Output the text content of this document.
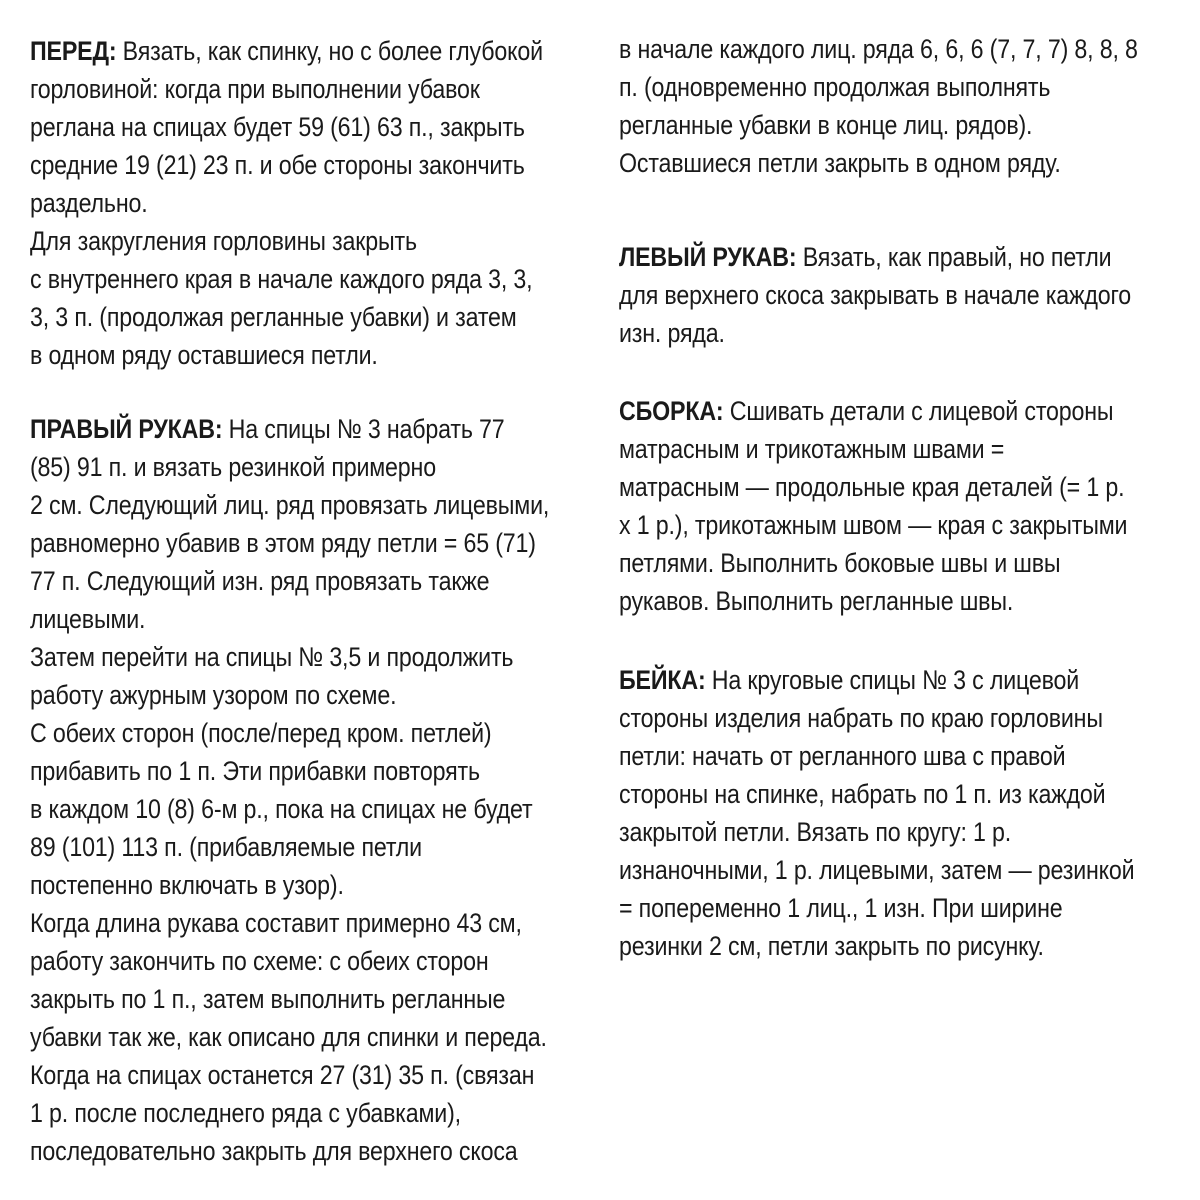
ПЕРЕД: Вязать, как спинку, но с более глубокой
горловиной: когда при выполнении убавок
реглана на спицах будет 59 (61) 63 п., закрыть
средние 19 (21) 23 п. и обе стороны закончить
раздельно.
Для закругления горловины закрыть
с внутреннего края в начале каждого ряда 3, 3,
3, 3 п. (продолжая регланные убавки) и затем
в одном ряду оставшиеся петли.
ПРАВЫЙ РУКАВ: На спицы № 3 набрать 77
(85) 91 п. и вязать резинкой примерно
2 см. Следующий лиц. ряд провязать лицевыми,
равномерно убавив в этом ряду петли = 65 (71)
77 п. Следующий изн. ряд провязать также
лицевыми.
Затем перейти на спицы № 3,5 и продолжить
работу ажурным узором по схеме.
С обеих сторон (после/перед кром. петлей)
прибавить по 1 п. Эти прибавки повторять
в каждом 10 (8) 6-м р., пока на спицах не будет
89 (101) 113 п. (прибавляемые петли
постепенно включать в узор).
Когда длина рукава составит примерно 43 см,
работу закончить по схеме: с обеих сторон
закрыть по 1 п., затем выполнить регланные
убавки так же, как описано для спинки и переда.
Когда на спицах останется 27 (31) 35 п. (связан
1 р. после последнего ряда с убавками),
последовательно закрыть для верхнего скоса
в начале каждого лиц. ряда 6, 6, 6 (7, 7, 7) 8, 8, 8
п. (одновременно продолжая выполнять
регланные убавки в конце лиц. рядов).
Оставшиеся петли закрыть в одном ряду.
ЛЕВЫЙ РУКАВ: Вязать, как правый, но петли
для верхнего скоса закрывать в начале каждого
изн. ряда.
СБОРКА: Сшивать детали с лицевой стороны
матрасным и трикотажным швами =
матрасным — продольные края деталей (= 1 р.
x 1 р.), трикотажным швом — края с закрытыми
петлями. Выполнить боковые швы и швы
рукавов. Выполнить регланные швы.
БЕЙКА: На круговые спицы № 3 с лицевой
стороны изделия набрать по краю горловины
петли: начать от регланного шва с правой
стороны на спинке, набрать по 1 п. из каждой
закрытой петли. Вязать по кругу: 1 р.
изнаночными, 1 р. лицевыми, затем — резинкой
= попеременно 1 лиц., 1 изн. При ширине
резинки 2 см, петли закрыть по рисунку.
